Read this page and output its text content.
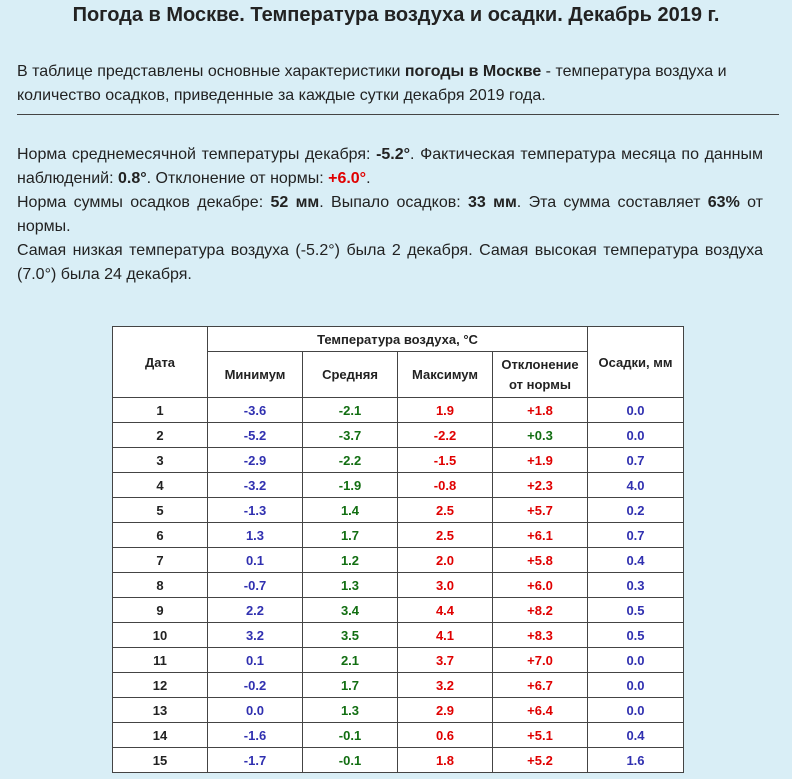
Погода в Москве. Температура воздуха и осадки. Декабрь 2019 г.

В таблице представлены основные характеристики погоды в Москве - температура воздуха и количество осадков, приведенные за каждые сутки декабря 2019 года.

Норма среднемесячной температуры декабря: -5.2°. Фактическая температура месяца по данным наблюдений: 0.8°. Отклонение от нормы: +6.0°.

Норма суммы осадков декабре: 52 мм. Выпало осадков: 33 мм. Эта сумма составляет 63% от нормы.

Самая низкая температура воздуха (-5.2°) была 2 декабря. Самая высокая температура воздуха (7.0°) была 24 декабря.

Дата	Температура воздуха, °С				Осадки, мм
	Минимум	Средняя	Максимум	Отклонение от нормы	
1	-3.6	-2.1	1.9	+1.8	0.0
2	-5.2	-3.7	-2.2	+0.3	0.0
3	-2.9	-2.2	-1.5	+1.9	0.7
4	-3.2	-1.9	-0.8	+2.3	4.0
5	-1.3	1.4	2.5	+5.7	0.2
6	1.3	1.7	2.5	+6.1	0.7
7	0.1	1.2	2.0	+5.8	0.4
8	-0.7	1.3	3.0	+6.0	0.3
9	2.2	3.4	4.4	+8.2	0.5
10	3.2	3.5	4.1	+8.3	0.5
11	0.1	2.1	3.7	+7.0	0.0
12	-0.2	1.7	3.2	+6.7	0.0
13	0.0	1.3	2.9	+6.4	0.0
14	-1.6	-0.1	0.6	+5.1	0.4
15	-1.7	-0.1	1.8	+5.2	1.6
